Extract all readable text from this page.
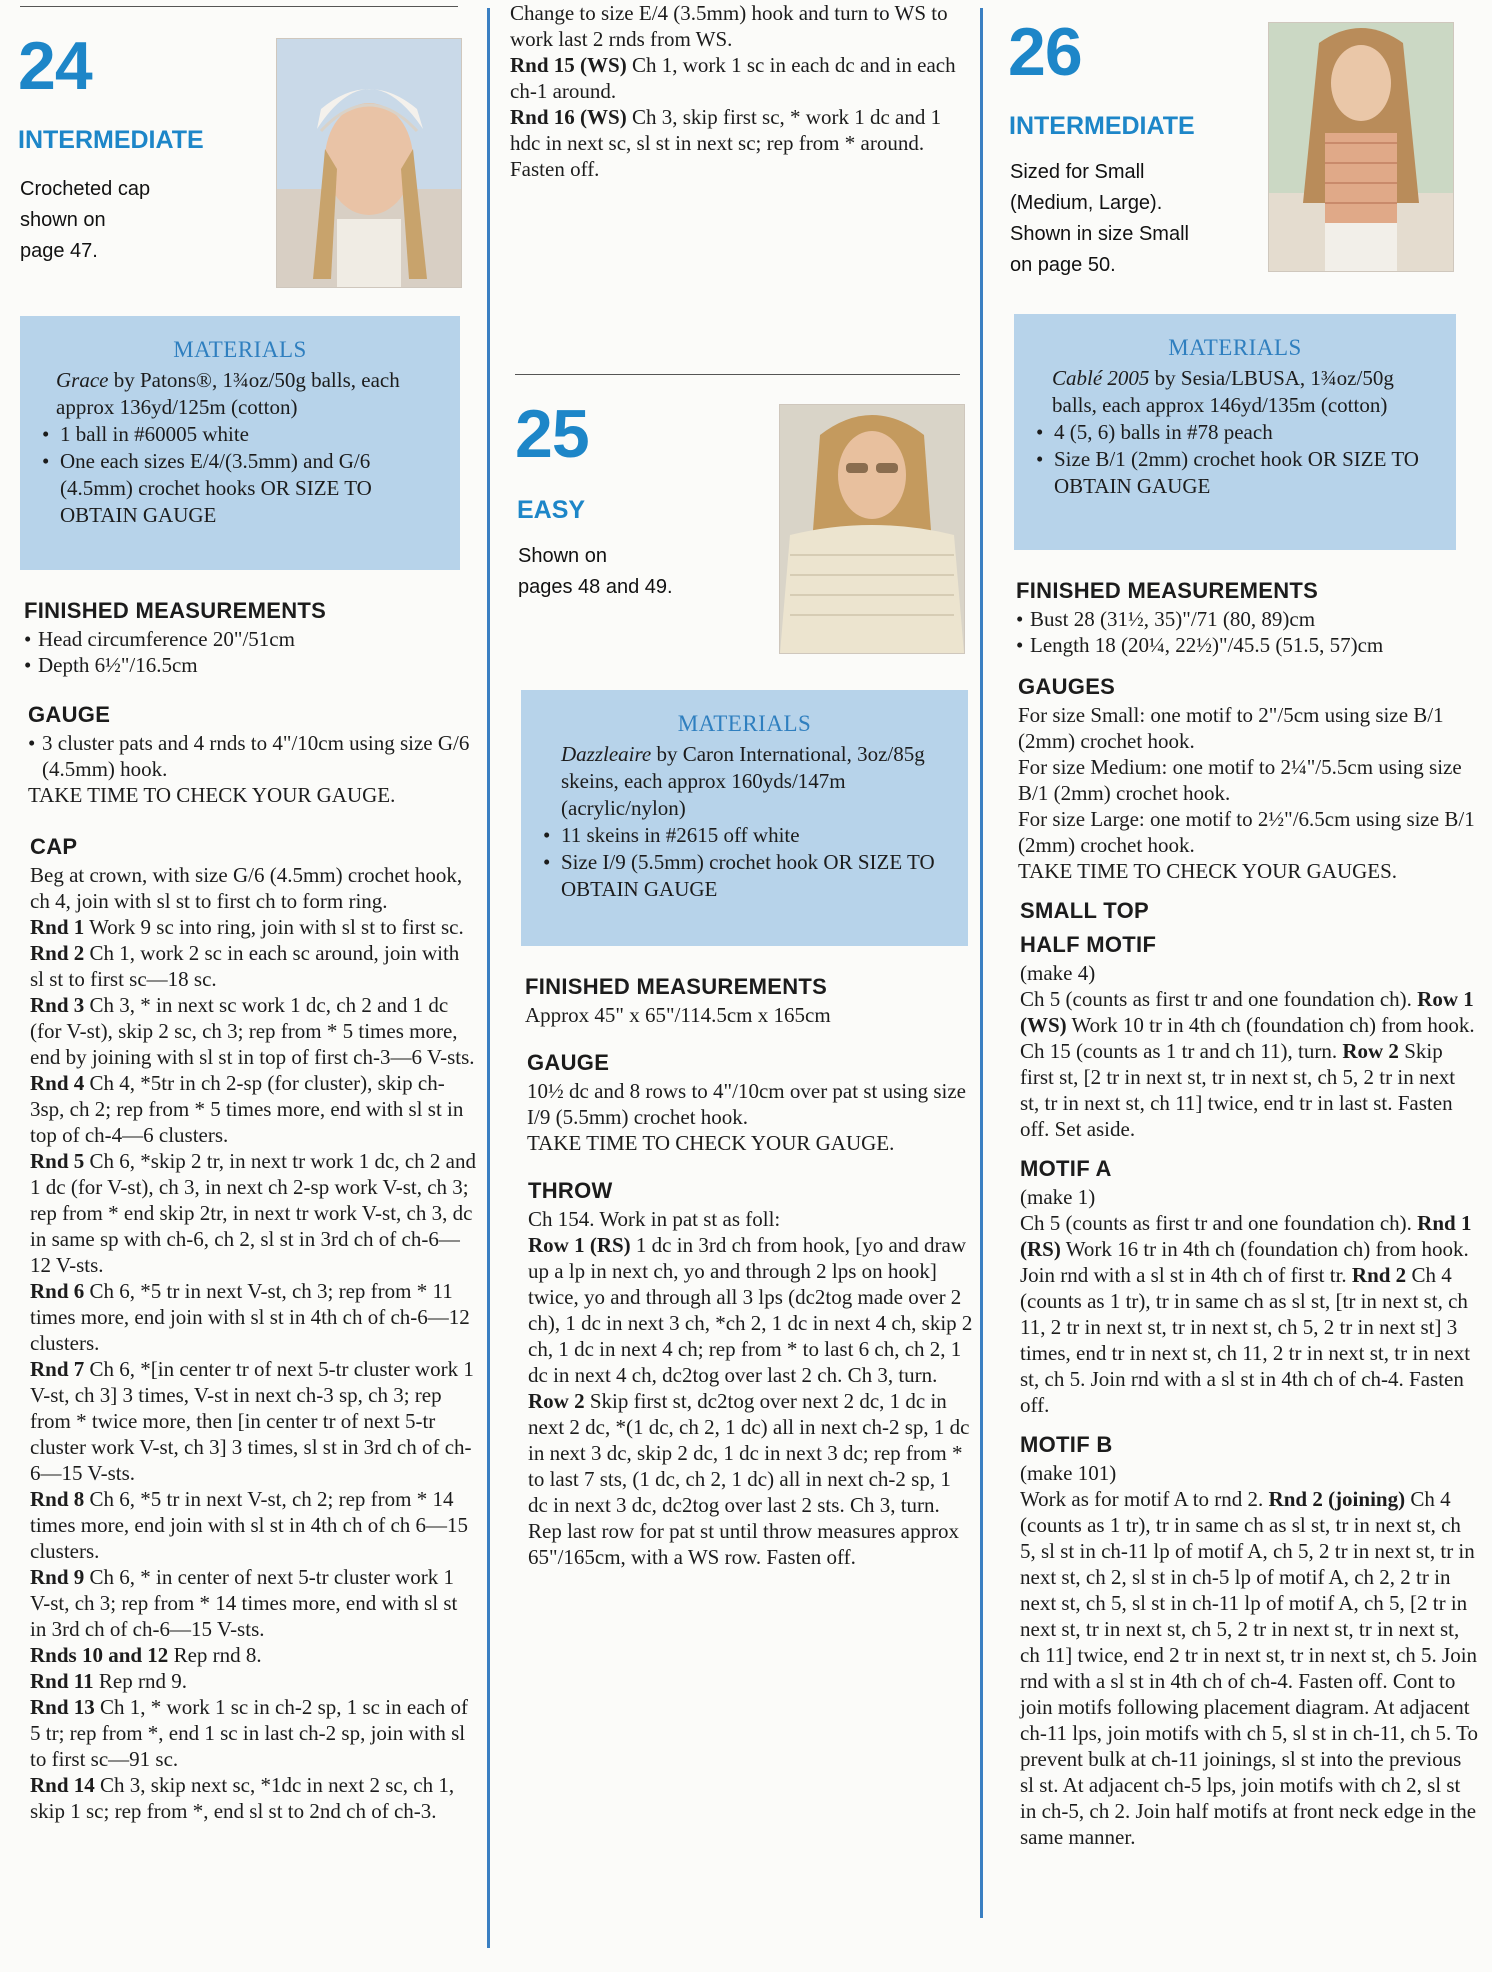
24
INTERMEDIATE
Crocheted cap
shown on
page 47.
MATERIALS

Grace by Patons®, 1¾oz/50g balls, each approx 136yd/125m (cotton)

• 1 ball in #60005 white
• One each sizes E/4/(3.5mm) and G/6 (4.5mm) crochet hooks OR SIZE TO OBTAIN GAUGE
FINISHED MEASUREMENTS

• Head circumference 20"/51cm

• Depth 6½"/16.5cm

GAUGE

• 3 cluster pats and 4 rnds to 4"/10cm using size G/6 (4.5mm) hook.

TAKE TIME TO CHECK YOUR GAUGE.

CAP

Beg at crown, with size G/6 (4.5mm) crochet hook, ch 4, join with sl st to first ch to form ring.

Rnd 1 Work 9 sc into ring, join with sl st to first sc.

Rnd 2 Ch 1, work 2 sc in each sc around, join with sl st to first sc—18 sc.

Rnd 3 Ch 3, * in next sc work 1 dc, ch 2 and 1 dc (for V-st), skip 2 sc, ch 3; rep from * 5 times more, end by joining with sl st in top of first ch-3—6 V-sts.

Rnd 4 Ch 4, *5tr in ch 2-sp (for cluster), skip ch-3sp, ch 2; rep from * 5 times more, end with sl st in top of ch-4—6 clusters.

Rnd 5 Ch 6, *skip 2 tr, in next tr work 1 dc, ch 2 and 1 dc (for V-st), ch 3, in next ch 2-sp work V-st, ch 3; rep from * end skip 2tr, in next tr work V-st, ch 3, dc in same sp with ch-6, ch 2, sl st in 3rd ch of ch-6—12 V-sts.

Rnd 6 Ch 6, *5 tr in next V-st, ch 3; rep from * 11 times more, end join with sl st in 4th ch of ch-6—12 clusters.

Rnd 7 Ch 6, *[in center tr of next 5-tr cluster work 1 V-st, ch 3] 3 times, V-st in next ch-3 sp, ch 3; rep from * twice more, then [in center tr of next 5-tr cluster work V-st, ch 3] 3 times, sl st in 3rd ch of ch-6—15 V-sts.

Rnd 8 Ch 6, *5 tr in next V-st, ch 2; rep from * 14 times more, end join with sl st in 4th ch of ch 6—15 clusters.

Rnd 9 Ch 6, * in center of next 5-tr cluster work 1 V-st, ch 3; rep from * 14 times more, end with sl st in 3rd ch of ch-6—15 V-sts.

Rnds 10 and 12 Rep rnd 8.

Rnd 11 Rep rnd 9.

Rnd 13 Ch 1, * work 1 sc in ch-2 sp, 1 sc in each of 5 tr; rep from *, end 1 sc in last ch-2 sp, join with sl to first sc—91 sc.

Rnd 14 Ch 3, skip next sc, *1dc in next 2 sc, ch 1, skip 1 sc; rep from *, end sl st to 2nd ch of ch-3.

Change to size E/4 (3.5mm) hook and turn to WS to work last 2 rnds from WS.

Rnd 15 (WS) Ch 1, work 1 sc in each dc and in each ch-1 around.

Rnd 16 (WS) Ch 3, skip first sc, * work 1 dc and 1 hdc in next sc, sl st in next sc; rep from * around. Fasten off.

25
EASY
Shown on
pages 48 and 49.
MATERIALS

Dazzleaire by Caron International, 3oz/85g skeins, each approx 160yds/147m (acrylic/nylon)

• 11 skeins in #2615 off white
• Size I/9 (5.5mm) crochet hook OR SIZE TO OBTAIN GAUGE
FINISHED MEASUREMENTS

Approx 45" x 65"/114.5cm x 165cm

GAUGE

10½ dc and 8 rows to 4"/10cm over pat st using size I/9 (5.5mm) crochet hook.

TAKE TIME TO CHECK YOUR GAUGE.

THROW

Ch 154. Work in pat st as foll:

Row 1 (RS) 1 dc in 3rd ch from hook, [yo and draw up a lp in next ch, yo and through 2 lps on hook] twice, yo and through all 3 lps (dc2tog made over 2 ch), 1 dc in next 3 ch, *ch 2, 1 dc in next 4 ch, skip 2 ch, 1 dc in next 4 ch; rep from * to last 6 ch, ch 2, 1 dc in next 4 ch, dc2tog over last 2 ch. Ch 3, turn.

Row 2 Skip first st, dc2tog over next 2 dc, 1 dc in next 2 dc, *(1 dc, ch 2, 1 dc) all in next ch-2 sp, 1 dc in next 3 dc, skip 2 dc, 1 dc in next 3 dc; rep from * to last 7 sts, (1 dc, ch 2, 1 dc) all in next ch-2 sp, 1 dc in next 3 dc, dc2tog over last 2 sts. Ch 3, turn.

Rep last row for pat st until throw measures approx 65"/165cm, with a WS row. Fasten off.

26
INTERMEDIATE
Sized for Small
(Medium, Large).
Shown in size Small
on page 50.
MATERIALS

Cablé 2005 by Sesia/LBUSA, 1¾oz/50g balls, each approx 146yd/135m (cotton)

• 4 (5, 6) balls in #78 peach
• Size B/1 (2mm) crochet hook OR SIZE TO OBTAIN GAUGE
FINISHED MEASUREMENTS

• Bust 28 (31½, 35)"/71 (80, 89)cm

• Length 18 (20¼, 22½)"/45.5 (51.5, 57)cm

GAUGES

For size Small: one motif to 2"/5cm using size B/1 (2mm) crochet hook.

For size Medium: one motif to 2¼"/5.5cm using size B/1 (2mm) crochet hook.

For size Large: one motif to 2½"/6.5cm using size B/1 (2mm) crochet hook.

TAKE TIME TO CHECK YOUR GAUGES.

SMALL TOP
HALF MOTIF

(make 4)

Ch 5 (counts as first tr and one foundation ch). Row 1 (WS) Work 10 tr in 4th ch (foundation ch) from hook. Ch 15 (counts as 1 tr and ch 11), turn. Row 2 Skip first st, [2 tr in next st, tr in next st, ch 5, 2 tr in next st, tr in next st, ch 11] twice, end tr in last st. Fasten off. Set aside.

MOTIF A

(make 1)

Ch 5 (counts as first tr and one foundation ch). Rnd 1 (RS) Work 16 tr in 4th ch (foundation ch) from hook. Join rnd with a sl st in 4th ch of first tr. Rnd 2 Ch 4 (counts as 1 tr), tr in same ch as sl st, [tr in next st, ch 11, 2 tr in next st, tr in next st, ch 5, 2 tr in next st] 3 times, end tr in next st, ch 11, 2 tr in next st, tr in next st, ch 5. Join rnd with a sl st in 4th ch of ch-4. Fasten off.

MOTIF B

(make 101)

Work as for motif A to rnd 2. Rnd 2 (joining) Ch 4 (counts as 1 tr), tr in same ch as sl st, tr in next st, ch 5, sl st in ch-11 lp of motif A, ch 5, 2 tr in next st, tr in next st, ch 2, sl st in ch-5 lp of motif A, ch 2, 2 tr in next st, ch 5, sl st in ch-11 lp of motif A, ch 5, [2 tr in next st, tr in next st, ch 5, 2 tr in next st, tr in next st, ch 11] twice, end 2 tr in next st, tr in next st, ch 5. Join rnd with a sl st in 4th ch of ch-4. Fasten off. Cont to join motifs following placement diagram. At adjacent ch-11 lps, join motifs with ch 5, sl st in ch-11, ch 5. To prevent bulk at ch-11 joinings, sl st into the previous sl st. At adjacent ch-5 lps, join motifs with ch 2, sl st in ch-5, ch 2. Join half motifs at front neck edge in the same manner.
